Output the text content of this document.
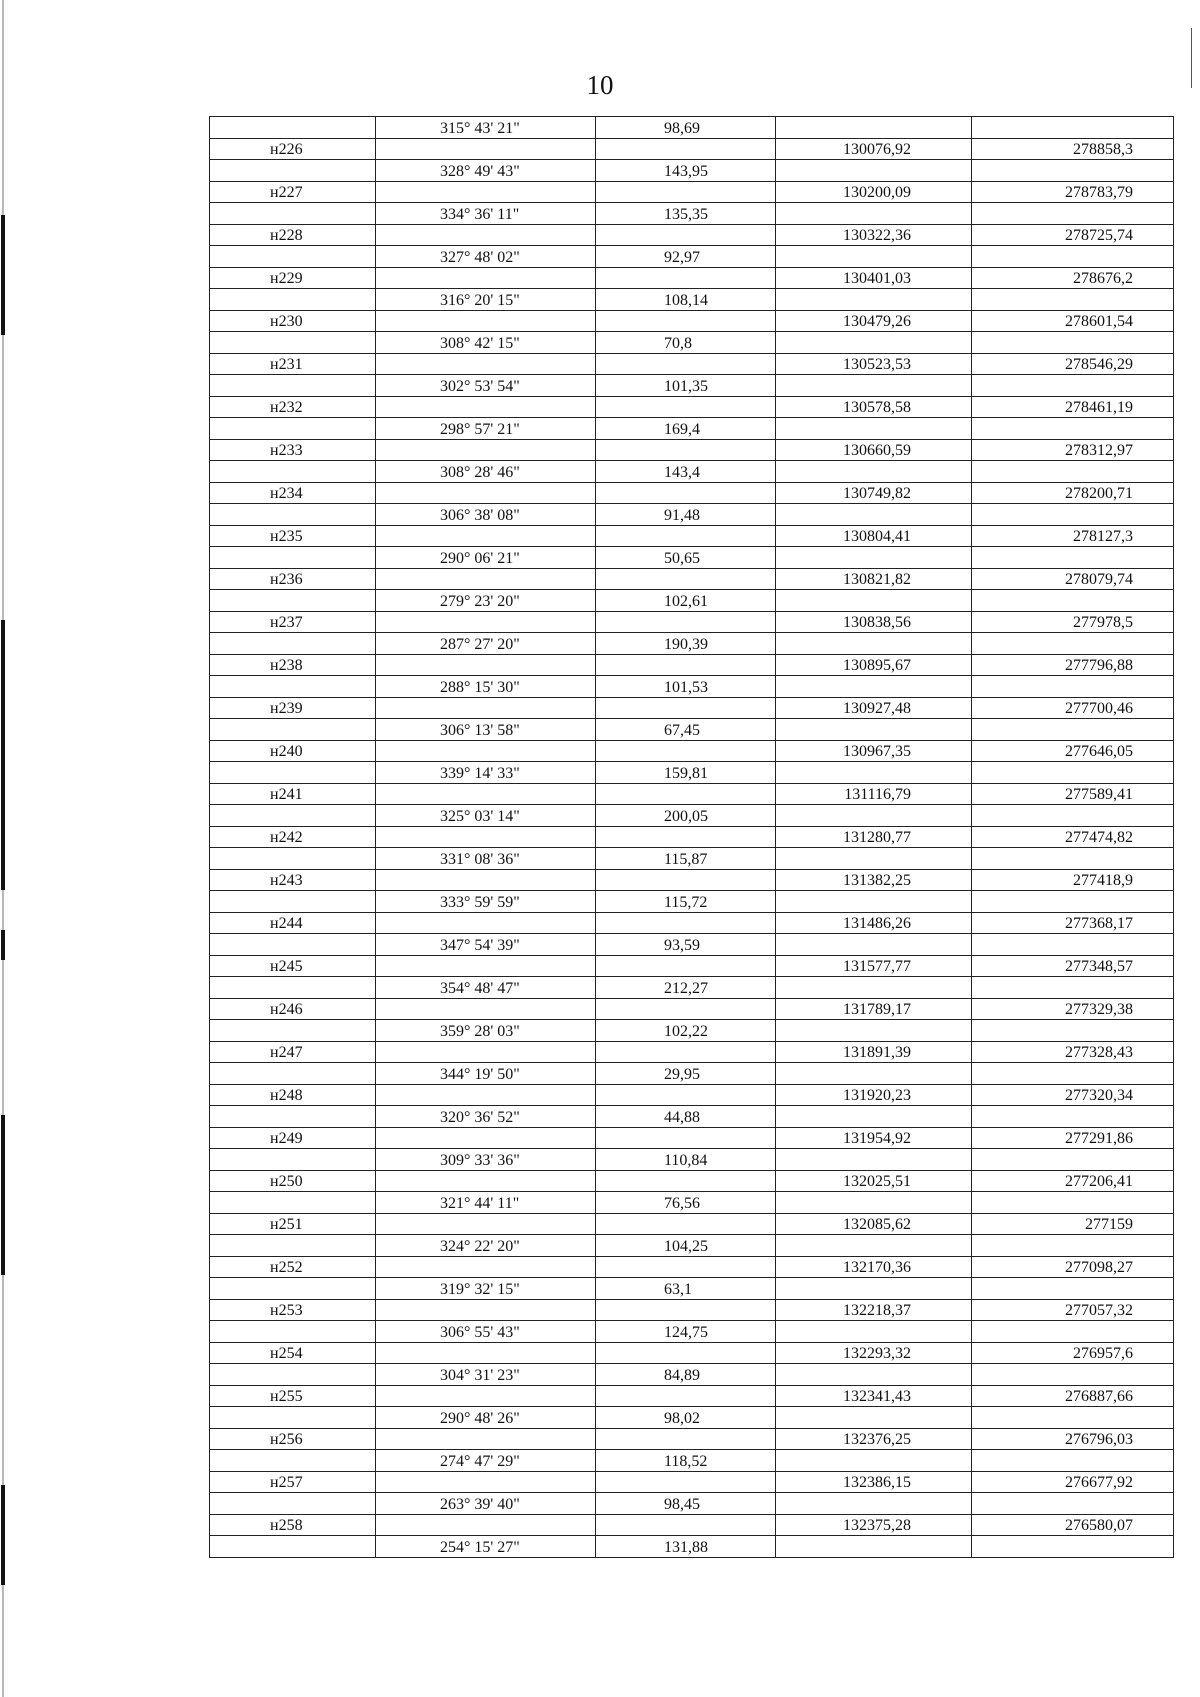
10
	315° 43' 21"	98,69		
н226			130076,92	278858,3
	328° 49' 43"	143,95		
н227			130200,09	278783,79
	334° 36' 11"	135,35		
н228			130322,36	278725,74
	327° 48' 02"	92,97		
н229			130401,03	278676,2
	316° 20' 15"	108,14		
н230			130479,26	278601,54
	308° 42' 15"	70,8		
н231			130523,53	278546,29
	302° 53' 54"	101,35		
н232			130578,58	278461,19
	298° 57' 21"	169,4		
н233			130660,59	278312,97
	308° 28' 46"	143,4		
н234			130749,82	278200,71
	306° 38' 08"	91,48		
н235			130804,41	278127,3
	290° 06' 21"	50,65		
н236			130821,82	278079,74
	279° 23' 20"	102,61		
н237			130838,56	277978,5
	287° 27' 20"	190,39		
н238			130895,67	277796,88
	288° 15' 30"	101,53		
н239			130927,48	277700,46
	306° 13' 58"	67,45		
н240			130967,35	277646,05
	339° 14' 33"	159,81		
н241			131116,79	277589,41
	325° 03' 14"	200,05		
н242			131280,77	277474,82
	331° 08' 36"	115,87		
н243			131382,25	277418,9
	333° 59' 59"	115,72		
н244			131486,26	277368,17
	347° 54' 39"	93,59		
н245			131577,77	277348,57
	354° 48' 47"	212,27		
н246			131789,17	277329,38
	359° 28' 03"	102,22		
н247			131891,39	277328,43
	344° 19' 50"	29,95		
н248			131920,23	277320,34
	320° 36' 52"	44,88		
н249			131954,92	277291,86
	309° 33' 36"	110,84		
н250			132025,51	277206,41
	321° 44' 11"	76,56		
н251			132085,62	277159
	324° 22' 20"	104,25		
н252			132170,36	277098,27
	319° 32' 15"	63,1		
н253			132218,37	277057,32
	306° 55' 43"	124,75		
н254			132293,32	276957,6
	304° 31' 23"	84,89		
н255			132341,43	276887,66
	290° 48' 26"	98,02		
н256			132376,25	276796,03
	274° 47' 29"	118,52		
н257			132386,15	276677,92
	263° 39' 40"	98,45		
н258			132375,28	276580,07
	254° 15' 27"	131,88		
